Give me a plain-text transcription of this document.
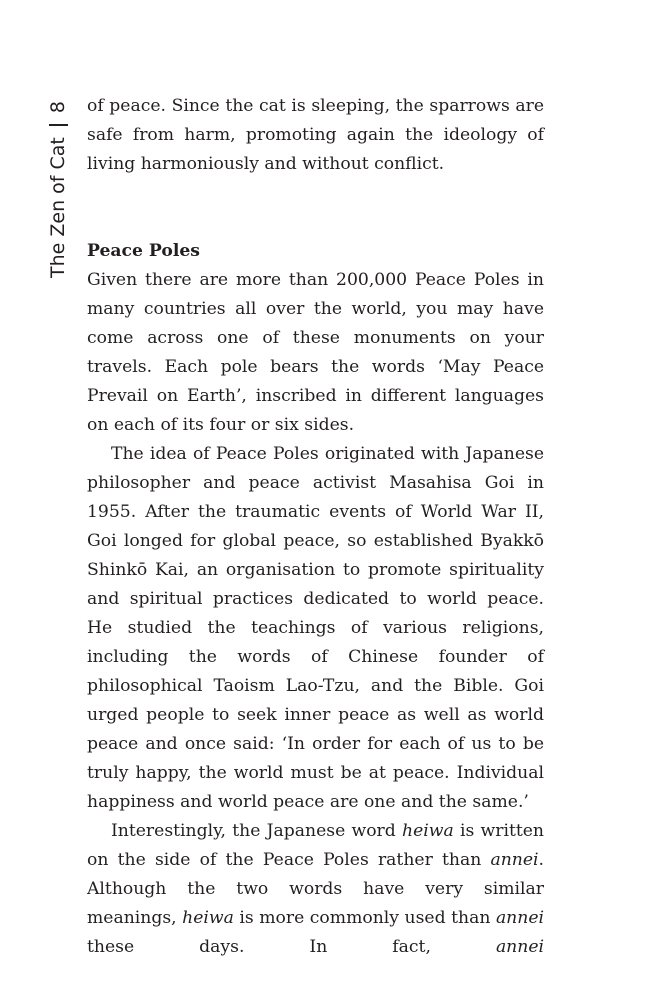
The Zen of Cat
8 of peace. Since the cat is sleeping, the sparrows are safe from harm, promoting again the ideology of living harmoniously and without conflict.

Peace Poles

Given there are more than 200,000 Peace Poles in many countries all over the world, you may have come across one of these monuments on your travels. Each pole bears the words ‘May Peace Prevail on Earth’, inscribed in different languages on each of its four or six sides.

The idea of Peace Poles originated with Japanese philosopher and peace activist Masahisa Goi in 1955. After the traumatic events of World War II, Goi longed for global peace, so established Byakkō Shinkō Kai, an organisation to promote spirituality and spiritual practices dedicated to world peace. He studied the teachings of various religions, including the words of Chinese founder of philosophical Taoism Lao-Tzu, and the Bible. Goi urged people to seek inner peace as well as world peace and once said: ‘In order for each of us to be truly happy, the world must be at peace. Individual happiness and world peace are one and the same.’

Interestingly, the Japanese word heiwa is written on the side of the Peace Poles rather than annei. Although the two words have very similar meanings, heiwa is more commonly used than annei these days. In fact, annei
